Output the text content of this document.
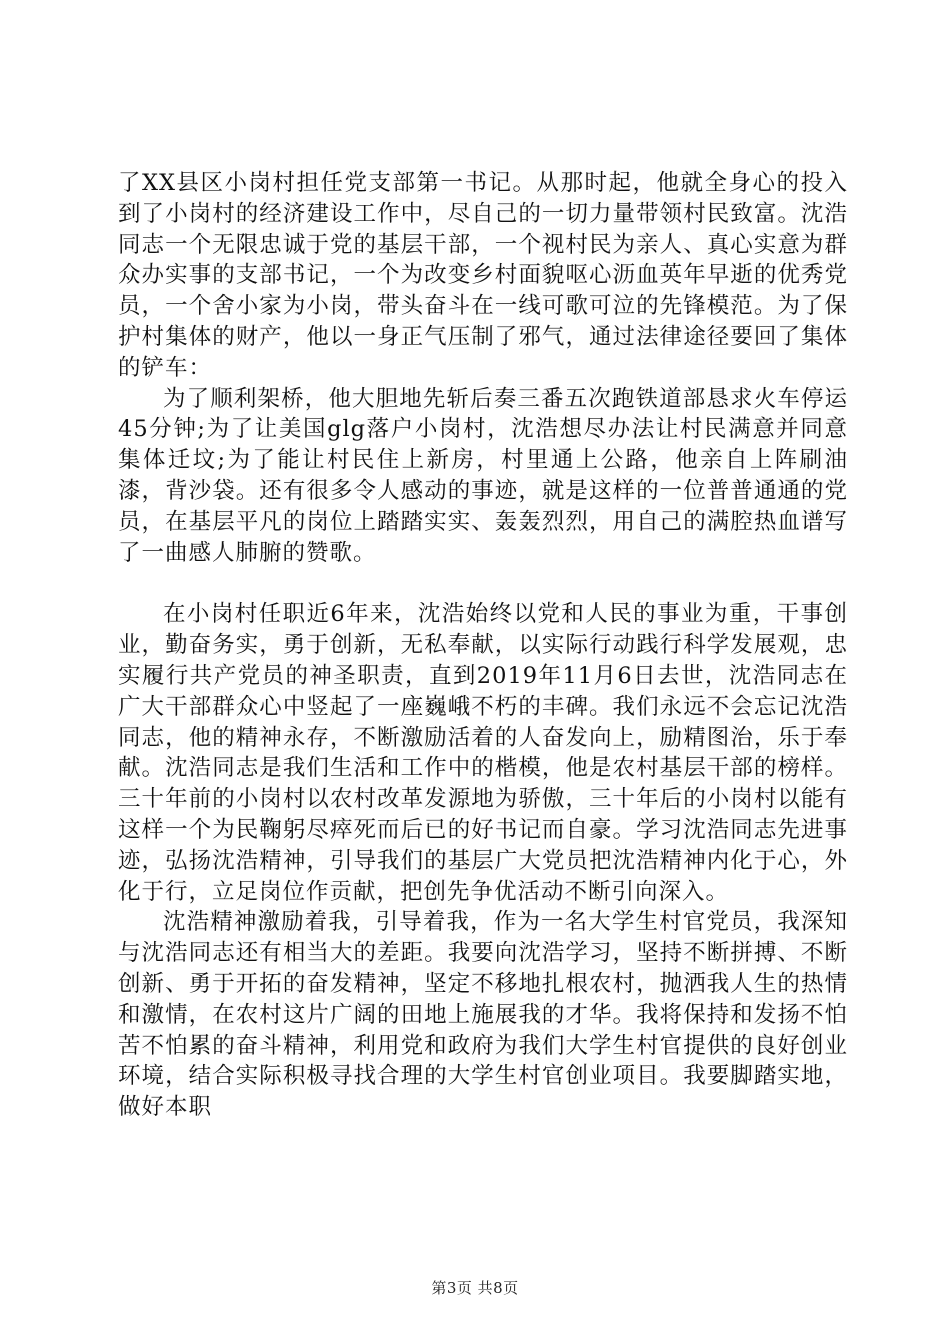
了XX县区小岗村担任党支部第一书记。从那时起，他就全身心的投入到了小岗村的经济建设工作中，尽自己的一切力量带领村民致富。沈浩同志一个无限忠诚于党的基层干部，一个视村民为亲人、真心实意为群众办实事的支部书记，一个为改变乡村面貌呕心沥血英年早逝的优秀党员，一个舍小家为小岗，带头奋斗在一线可歌可泣的先锋模范。为了保护村集体的财产，他以一身正气压制了邪气，通过法律途径要回了集体的铲车：

为了顺利架桥，他大胆地先斩后奏三番五次跑铁道部恳求火车停运45分钟;为了让美国glg落户小岗村，沈浩想尽办法让村民满意并同意集体迁坟;为了能让村民住上新房，村里通上公路，他亲自上阵刷油漆，背沙袋。还有很多令人感动的事迹，就是这样的一位普普通通的党员，在基层平凡的岗位上踏踏实实、轰轰烈烈，用自己的满腔热血谱写了一曲感人肺腑的赞歌。

在小岗村任职近6年来，沈浩始终以党和人民的事业为重，干事创业，勤奋务实，勇于创新，无私奉献，以实际行动践行科学发展观，忠实履行共产党员的神圣职责，直到2019年11月6日去世，沈浩同志在广大干部群众心中竖起了一座巍峨不朽的丰碑。我们永远不会忘记沈浩同志，他的精神永存，不断激励活着的人奋发向上，励精图治，乐于奉献。沈浩同志是我们生活和工作中的楷模，他是农村基层干部的榜样。三十年前的小岗村以农村改革发源地为骄傲，三十年后的小岗村以能有这样一个为民鞠躬尽瘁死而后已的好书记而自豪。学习沈浩同志先进事迹，弘扬沈浩精神，引导我们的基层广大党员把沈浩精神内化于心，外化于行，立足岗位作贡献，把创先争优活动不断引向深入。

沈浩精神激励着我，引导着我，作为一名大学生村官党员，我深知与沈浩同志还有相当大的差距。我要向沈浩学习，坚持不断拼搏、不断创新、勇于开拓的奋发精神，坚定不移地扎根农村，抛洒我人生的热情和激情，在农村这片广阔的田地上施展我的才华。我将保持和发扬不怕苦不怕累的奋斗精神，利用党和政府为我们大学生村官提供的良好创业环境，结合实际积极寻找合理的大学生村官创业项目。我要脚踏实地，做好本职

第3页 共8页
